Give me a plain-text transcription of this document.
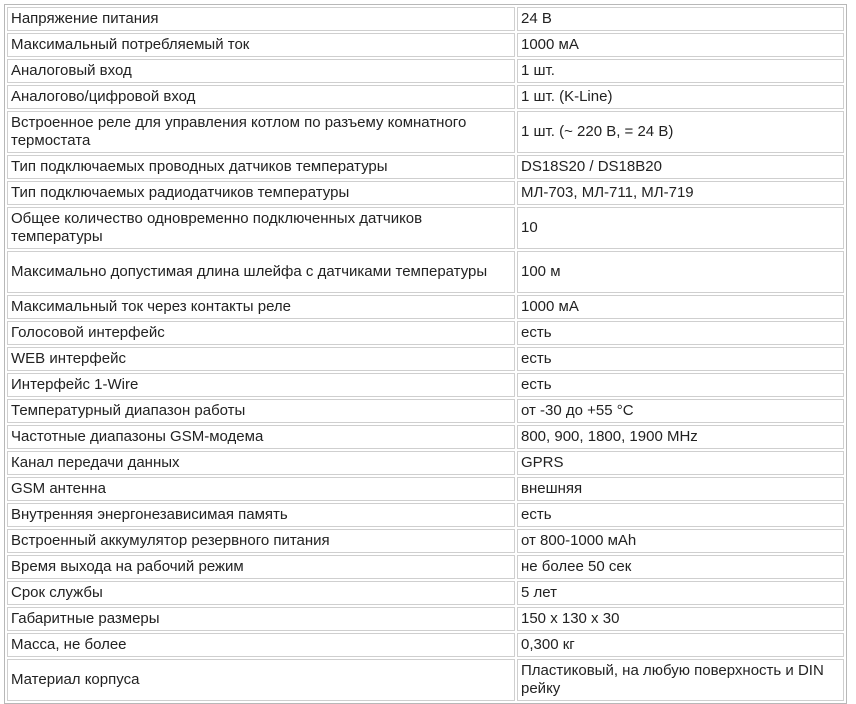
Напряжение питания	24 В
Максимальный потребляемый ток	1000 мА
Аналоговый вход	1 шт.
Аналогово/цифровой вход	1 шт. (K-Line)
Встроенное реле для управления котлом по разъему комнатного термостата	1 шт. (~ 220 В, = 24 В)
Тип подключаемых проводных датчиков температуры	DS18S20 / DS18B20
Тип подключаемых радиодатчиков температуры	МЛ-703, МЛ-711, МЛ-719
Общее количество одновременно подключенных датчиков температуры	10
Максимально допустимая длина шлейфа с датчиками температуры	100 м
Максимальный ток через контакты реле	1000 мА
Голосовой интерфейс	есть
WEB интерфейс	есть
Интерфейс 1-Wire	есть
Температурный диапазон работы	от -30 до +55 °С
Частотные диапазоны GSM-модема	800, 900, 1800, 1900 MHz
Канал передачи данных	GPRS
GSM антенна	внешняя
Внутренняя энергонезависимая память	есть
Встроенный аккумулятор резервного питания	от 800-1000 мАh
Время выхода на рабочий режим	не более 50 сек
Срок службы	5 лет
Габаритные размеры	150 х 130 х 30
Масса, не более	0,300 кг
Материал корпуса	Пластиковый, на любую поверхность и DIN рейку
